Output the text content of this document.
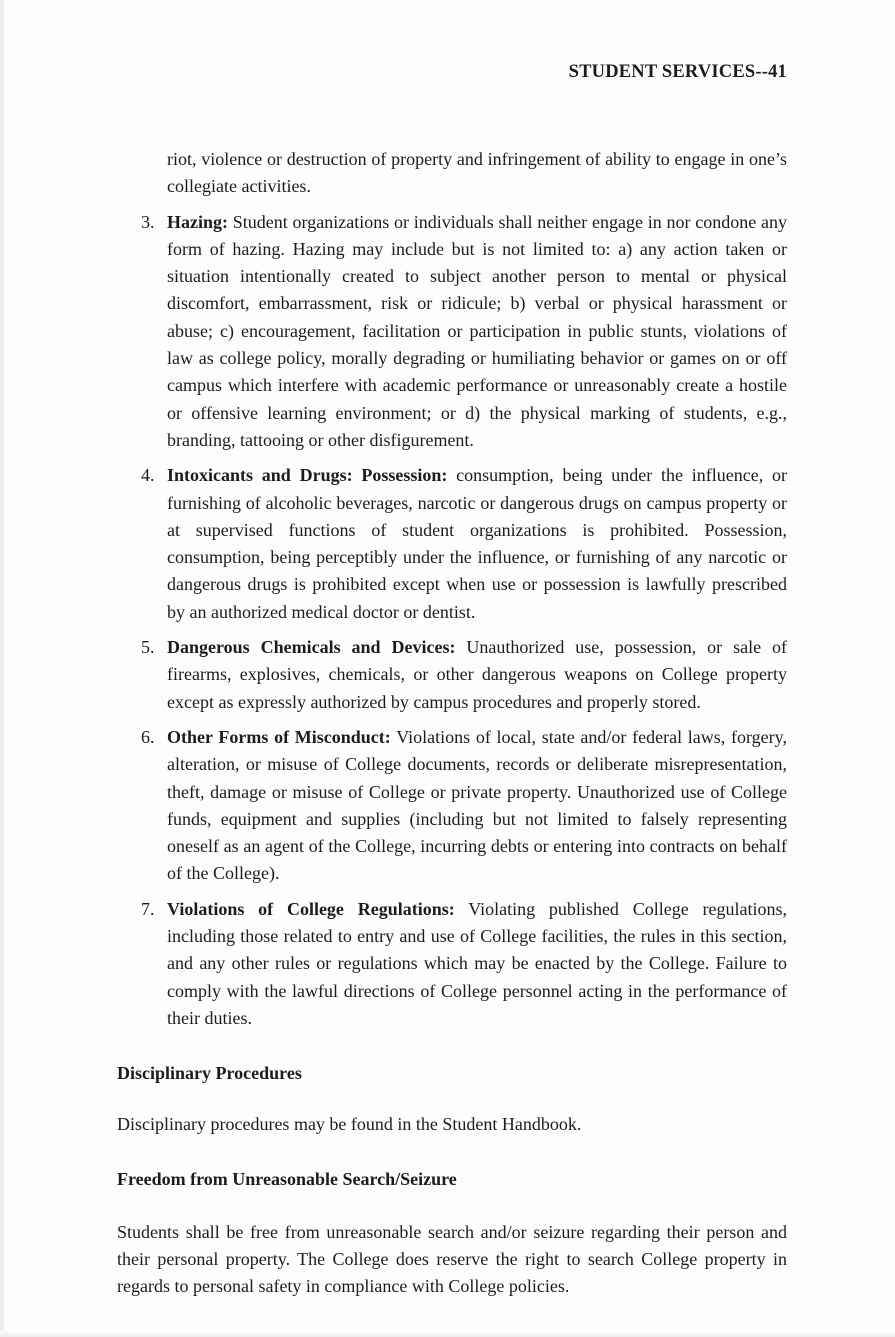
STUDENT SERVICES--41

riot, violence or destruction of property and infringement of ability to engage in one’s collegiate activities.

3. Hazing: Student organizations or individuals shall neither engage in nor condone any form of hazing. Hazing may include but is not limited to: a) any action taken or situation intentionally created to subject another person to mental or physical discomfort, embarrassment, risk or ridicule; b) verbal or physical harassment or abuse; c) encouragement, facilitation or participation in public stunts, violations of law as college policy, morally degrading or humiliating behavior or games on or off campus which interfere with academic performance or unreasonably create a hostile or offensive learning environment; or d) the physical marking of students, e.g., branding, tattooing or other disfigurement.
4. Intoxicants and Drugs: Possession: consumption, being under the influence, or furnishing of alcoholic beverages, narcotic or dangerous drugs on campus property or at supervised functions of student organizations is prohibited. Possession, consumption, being perceptibly under the influence, or furnishing of any narcotic or dangerous drugs is prohibited except when use or possession is lawfully prescribed by an authorized medical doctor or dentist.
5. Dangerous Chemicals and Devices: Unauthorized use, possession, or sale of firearms, explosives, chemicals, or other dangerous weapons on College property except as expressly authorized by campus procedures and properly stored.
6. Other Forms of Misconduct: Violations of local, state and/or federal laws, forgery, alteration, or misuse of College documents, records or deliberate misrepresentation, theft, damage or misuse of College or private property. Unauthorized use of College funds, equipment and supplies (including but not limited to falsely representing oneself as an agent of the College, incurring debts or entering into contracts on behalf of the College).
7. Violations of College Regulations: Violating published College regulations, including those related to entry and use of College facilities, the rules in this section, and any other rules or regulations which may be enacted by the College. Failure to comply with the lawful directions of College personnel acting in the performance of their duties.
Disciplinary Procedures

Disciplinary procedures may be found in the Student Handbook.

Freedom from Unreasonable Search/Seizure

Students shall be free from unreasonable search and/or seizure regarding their person and their personal property. The College does reserve the right to search College property in regards to personal safety in compliance with College policies.
